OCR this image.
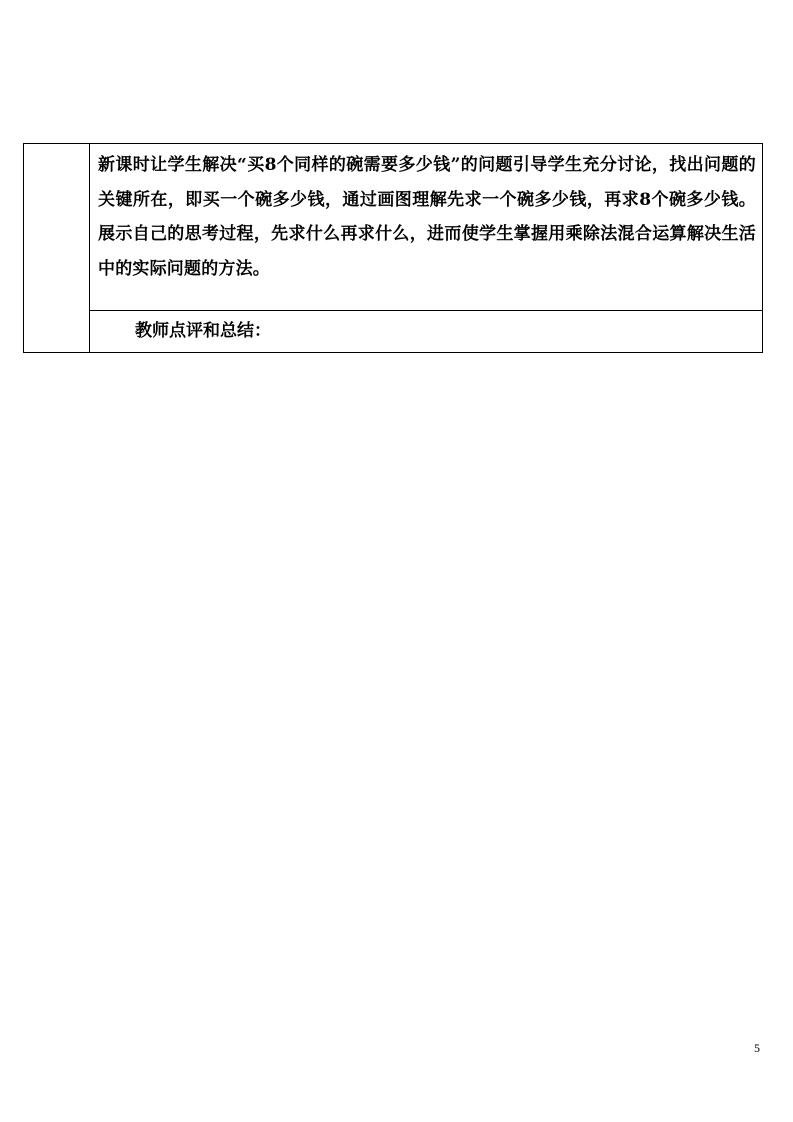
新课时让学生解决“买8个同样的碗需要多少钱”的问题引导学生充分讨论，找出问题的关键所在，即买一个碗多少钱，通过画图理解先求一个碗多少钱，再求8个碗多少钱。展示自己的思考过程，先求什么再求什么，进而使学生掌握用乘除法混合运算解决生活中的实际问题的方法。

教师点评和总结：

5
